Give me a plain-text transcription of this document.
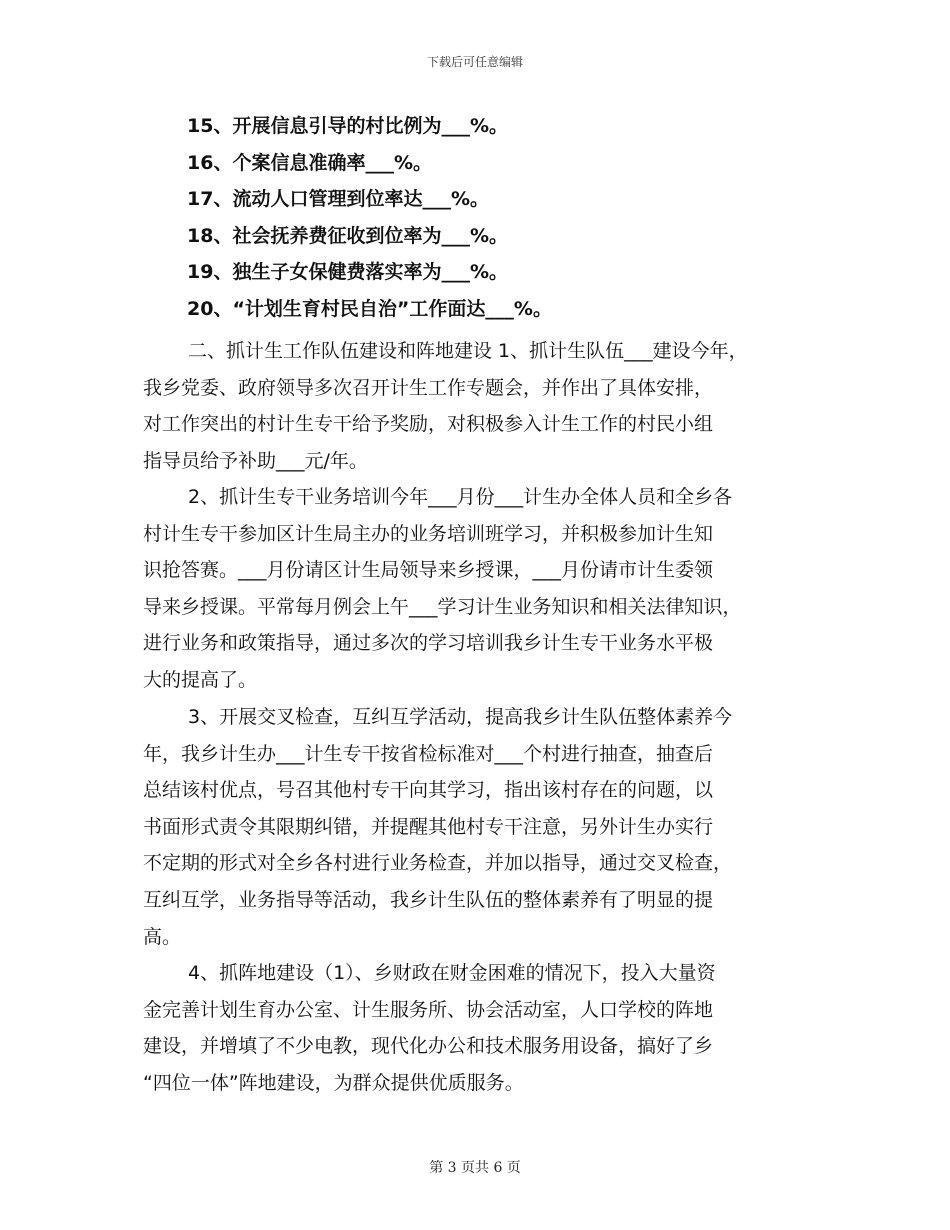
下载后可任意编辑
15、开展信息引导的村比例为___%。
16、个案信息准确率___%。
17、流动人口管理到位率达___%。
18、社会抚养费征收到位率为___%。
19、独生子女保健费落实率为___%。
20、“计划生育村民自治”工作面达___%。
二、抓计生工作队伍建设和阵地建设 1、抓计生队伍___建设今年，
我乡党委、政府领导多次召开计生工作专题会，并作出了具体安排，
对工作突出的村计生专干给予奖励，对积极参入计生工作的村民小组
指导员给予补助___元/年。
2、抓计生专干业务培训今年___月份___计生办全体人员和全乡各
村计生专干参加区计生局主办的业务培训班学习，并积极参加计生知
识抢答赛。___月份请区计生局领导来乡授课，___月份请市计生委领
导来乡授课。平常每月例会上午___学习计生业务知识和相关法律知识，
进行业务和政策指导，通过多次的学习培训我乡计生专干业务水平极
大的提高了。
3、开展交叉检查，互纠互学活动，提高我乡计生队伍整体素养今
年，我乡计生办___计生专干按省检标准对___个村进行抽查，抽查后
总结该村优点，号召其他村专干向其学习，指出该村存在的问题，以
书面形式责令其限期纠错，并提醒其他村专干注意，另外计生办实行
不定期的形式对全乡各村进行业务检查，并加以指导，通过交叉检查，
互纠互学，业务指导等活动，我乡计生队伍的整体素养有了明显的提
高。
4、抓阵地建设（1）、乡财政在财金困难的情况下，投入大量资
金完善计划生育办公室、计生服务所、协会活动室，人口学校的阵地
建设，并增填了不少电教，现代化办公和技术服务用设备，搞好了乡
“四位一体”阵地建设，为群众提供优质服务。
第 3 页共 6 页
